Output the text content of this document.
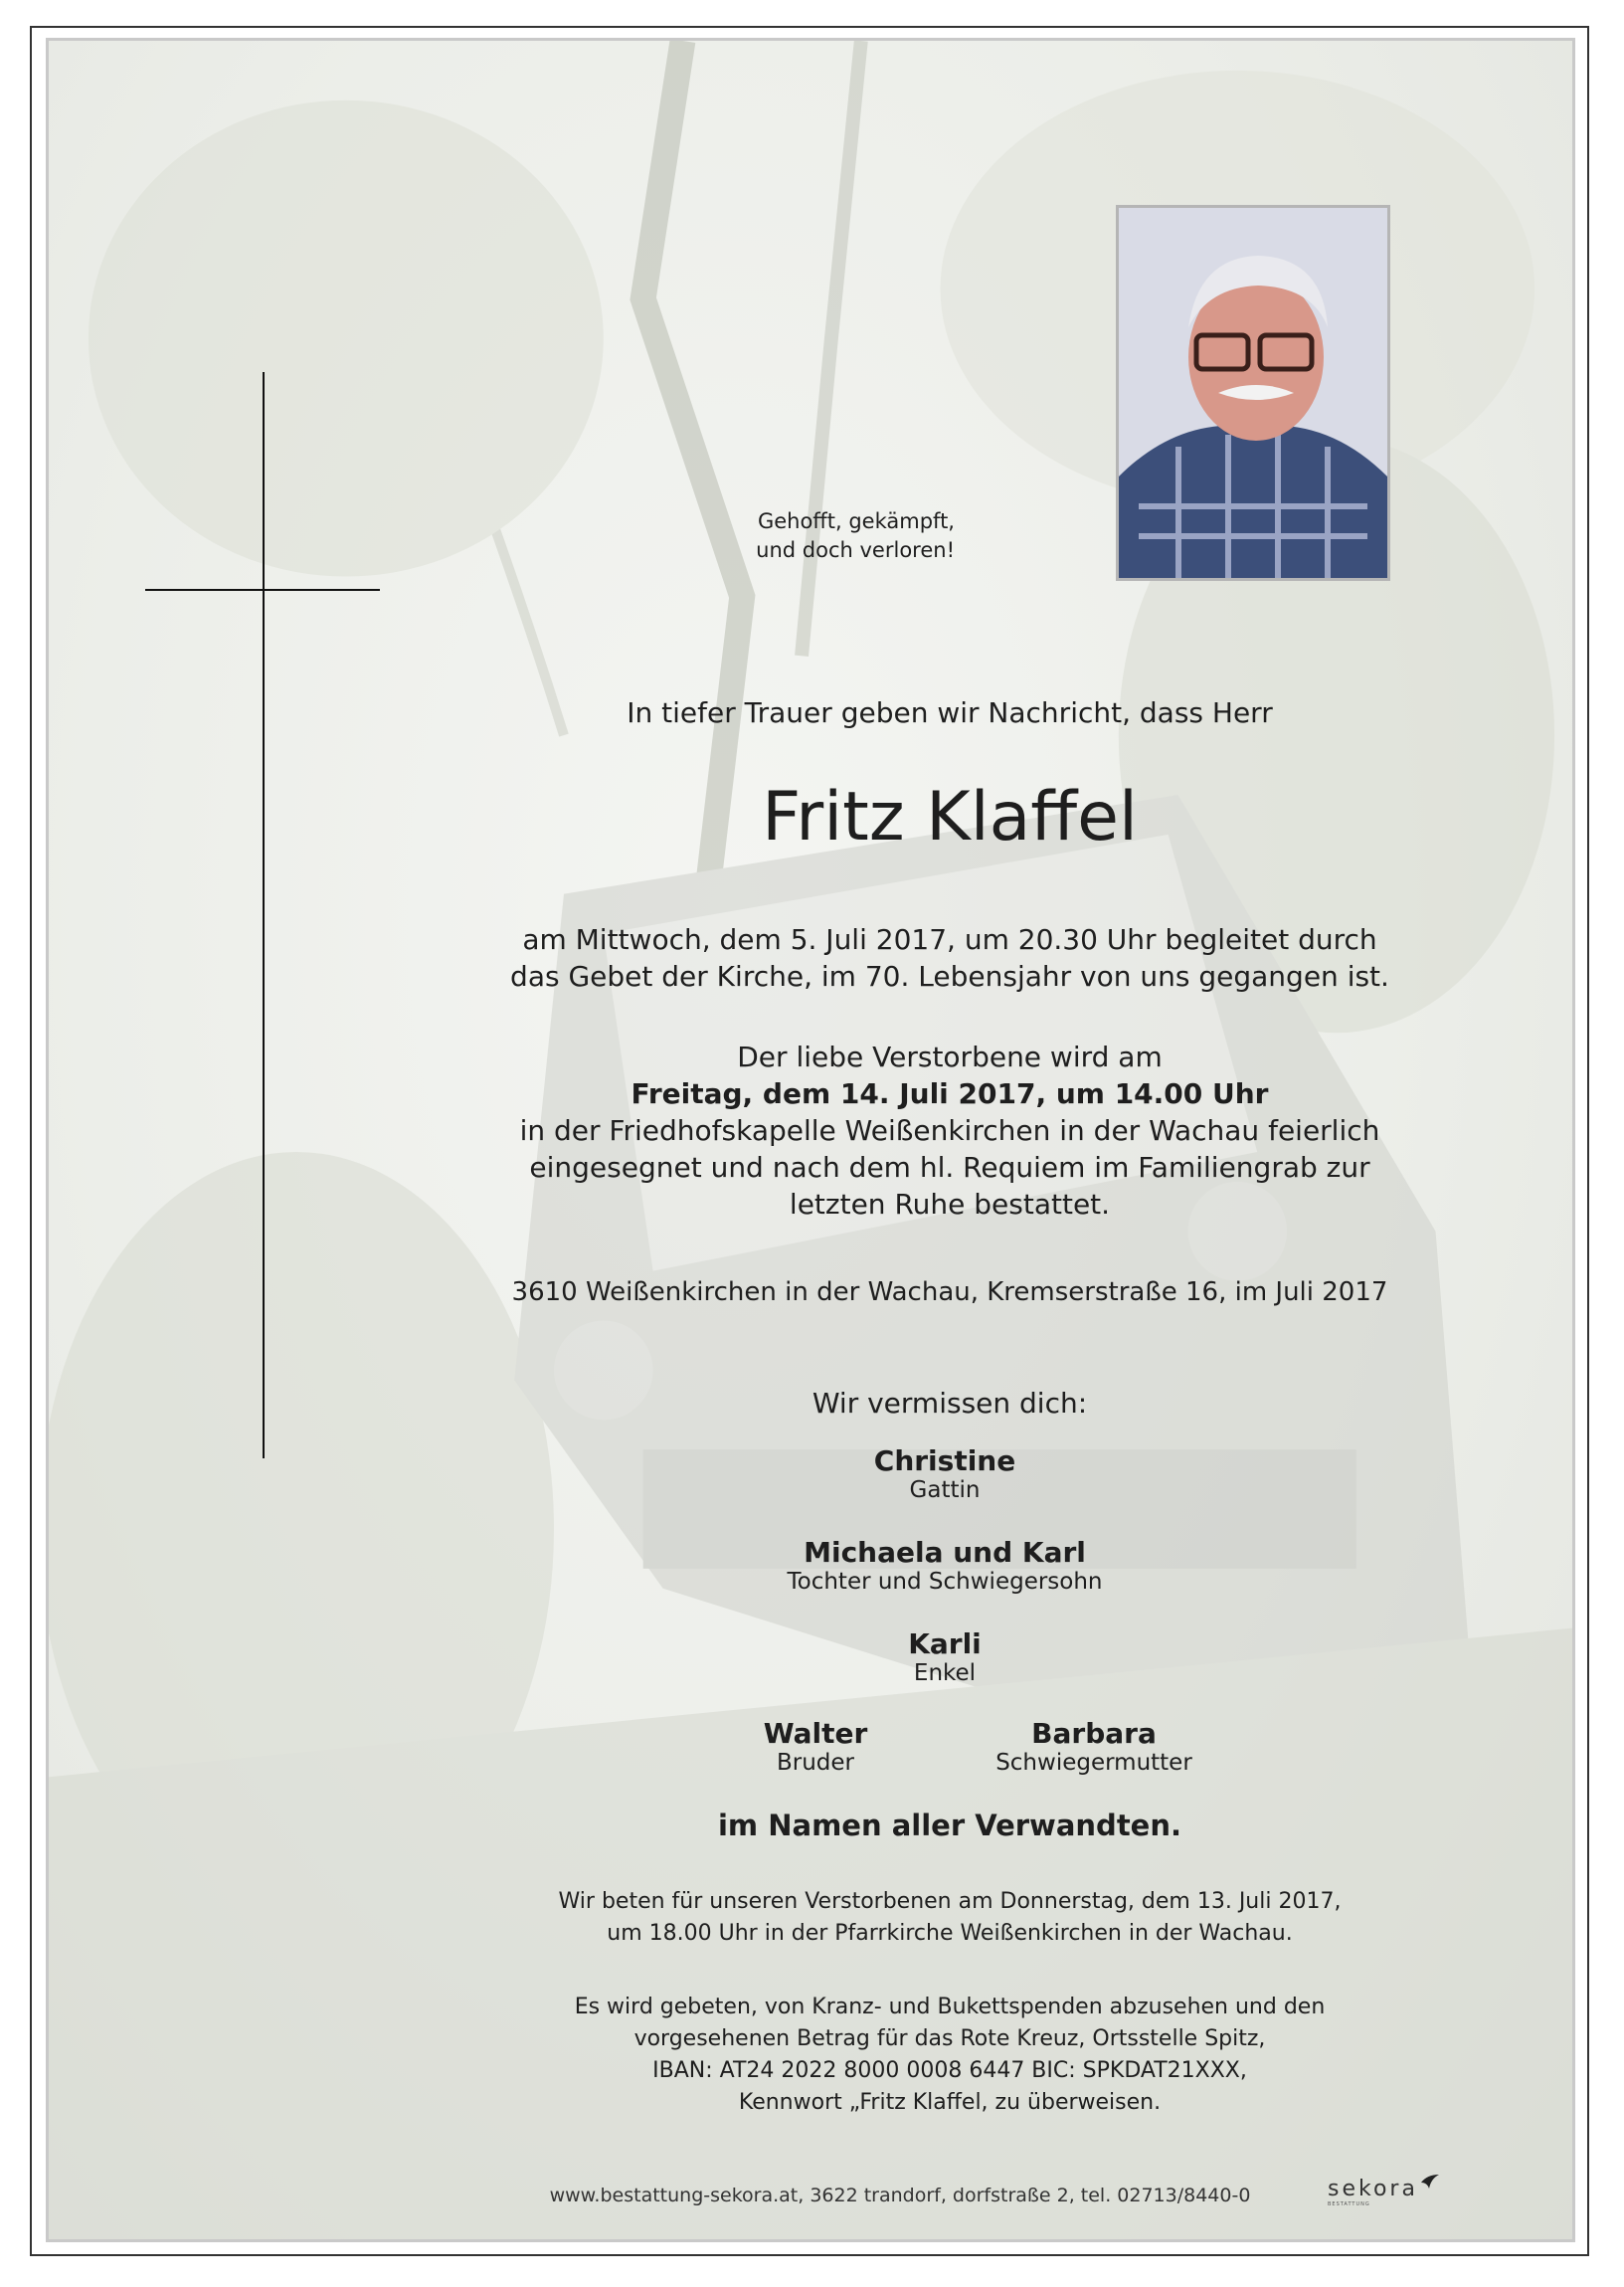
Gehofft, gekämpft,
und doch verloren!
In tiefer Trauer geben wir Nachricht, dass Herr
Fritz Klaffel
am Mittwoch, dem 5. Juli 2017, um 20.30 Uhr begleitet durch
das Gebet der Kirche, im 70. Lebensjahr von uns gegangen ist.
Der liebe Verstorbene wird am
Freitag, dem 14. Juli 2017, um 14.00 Uhr
in der Friedhofskapelle Weißenkirchen in der Wachau feierlich
eingesegnet und nach dem hl. Requiem im Familiengrab zur
letzten Ruhe bestattet.
3610 Weißenkirchen in der Wachau, Kremserstraße 16, im Juli 2017
Wir vermissen dich:
Christine
Gattin
Michaela und Karl
Tochter und Schwiegersohn
Karli
Enkel
Walter
Bruder
Barbara
Schwiegermutter
im Namen aller Verwandten.
Wir beten für unseren Verstorbenen am Donnerstag, dem 13. Juli 2017,
um 18.00 Uhr in der Pfarrkirche Weißenkirchen in der Wachau.
Es wird gebeten, von Kranz- und Bukettspenden abzusehen und den
vorgesehenen Betrag für das Rote Kreuz, Ortsstelle Spitz,
IBAN: AT24 2022 8000 0008 6447 BIC: SPKDAT21XXX,
Kennwort „Fritz Klaffel, zu überweisen.
www.bestattung-sekora.at, 3622 trandorf, dorfstraße 2, tel. 02713/8440-0	sekora
BESTATTUNG
